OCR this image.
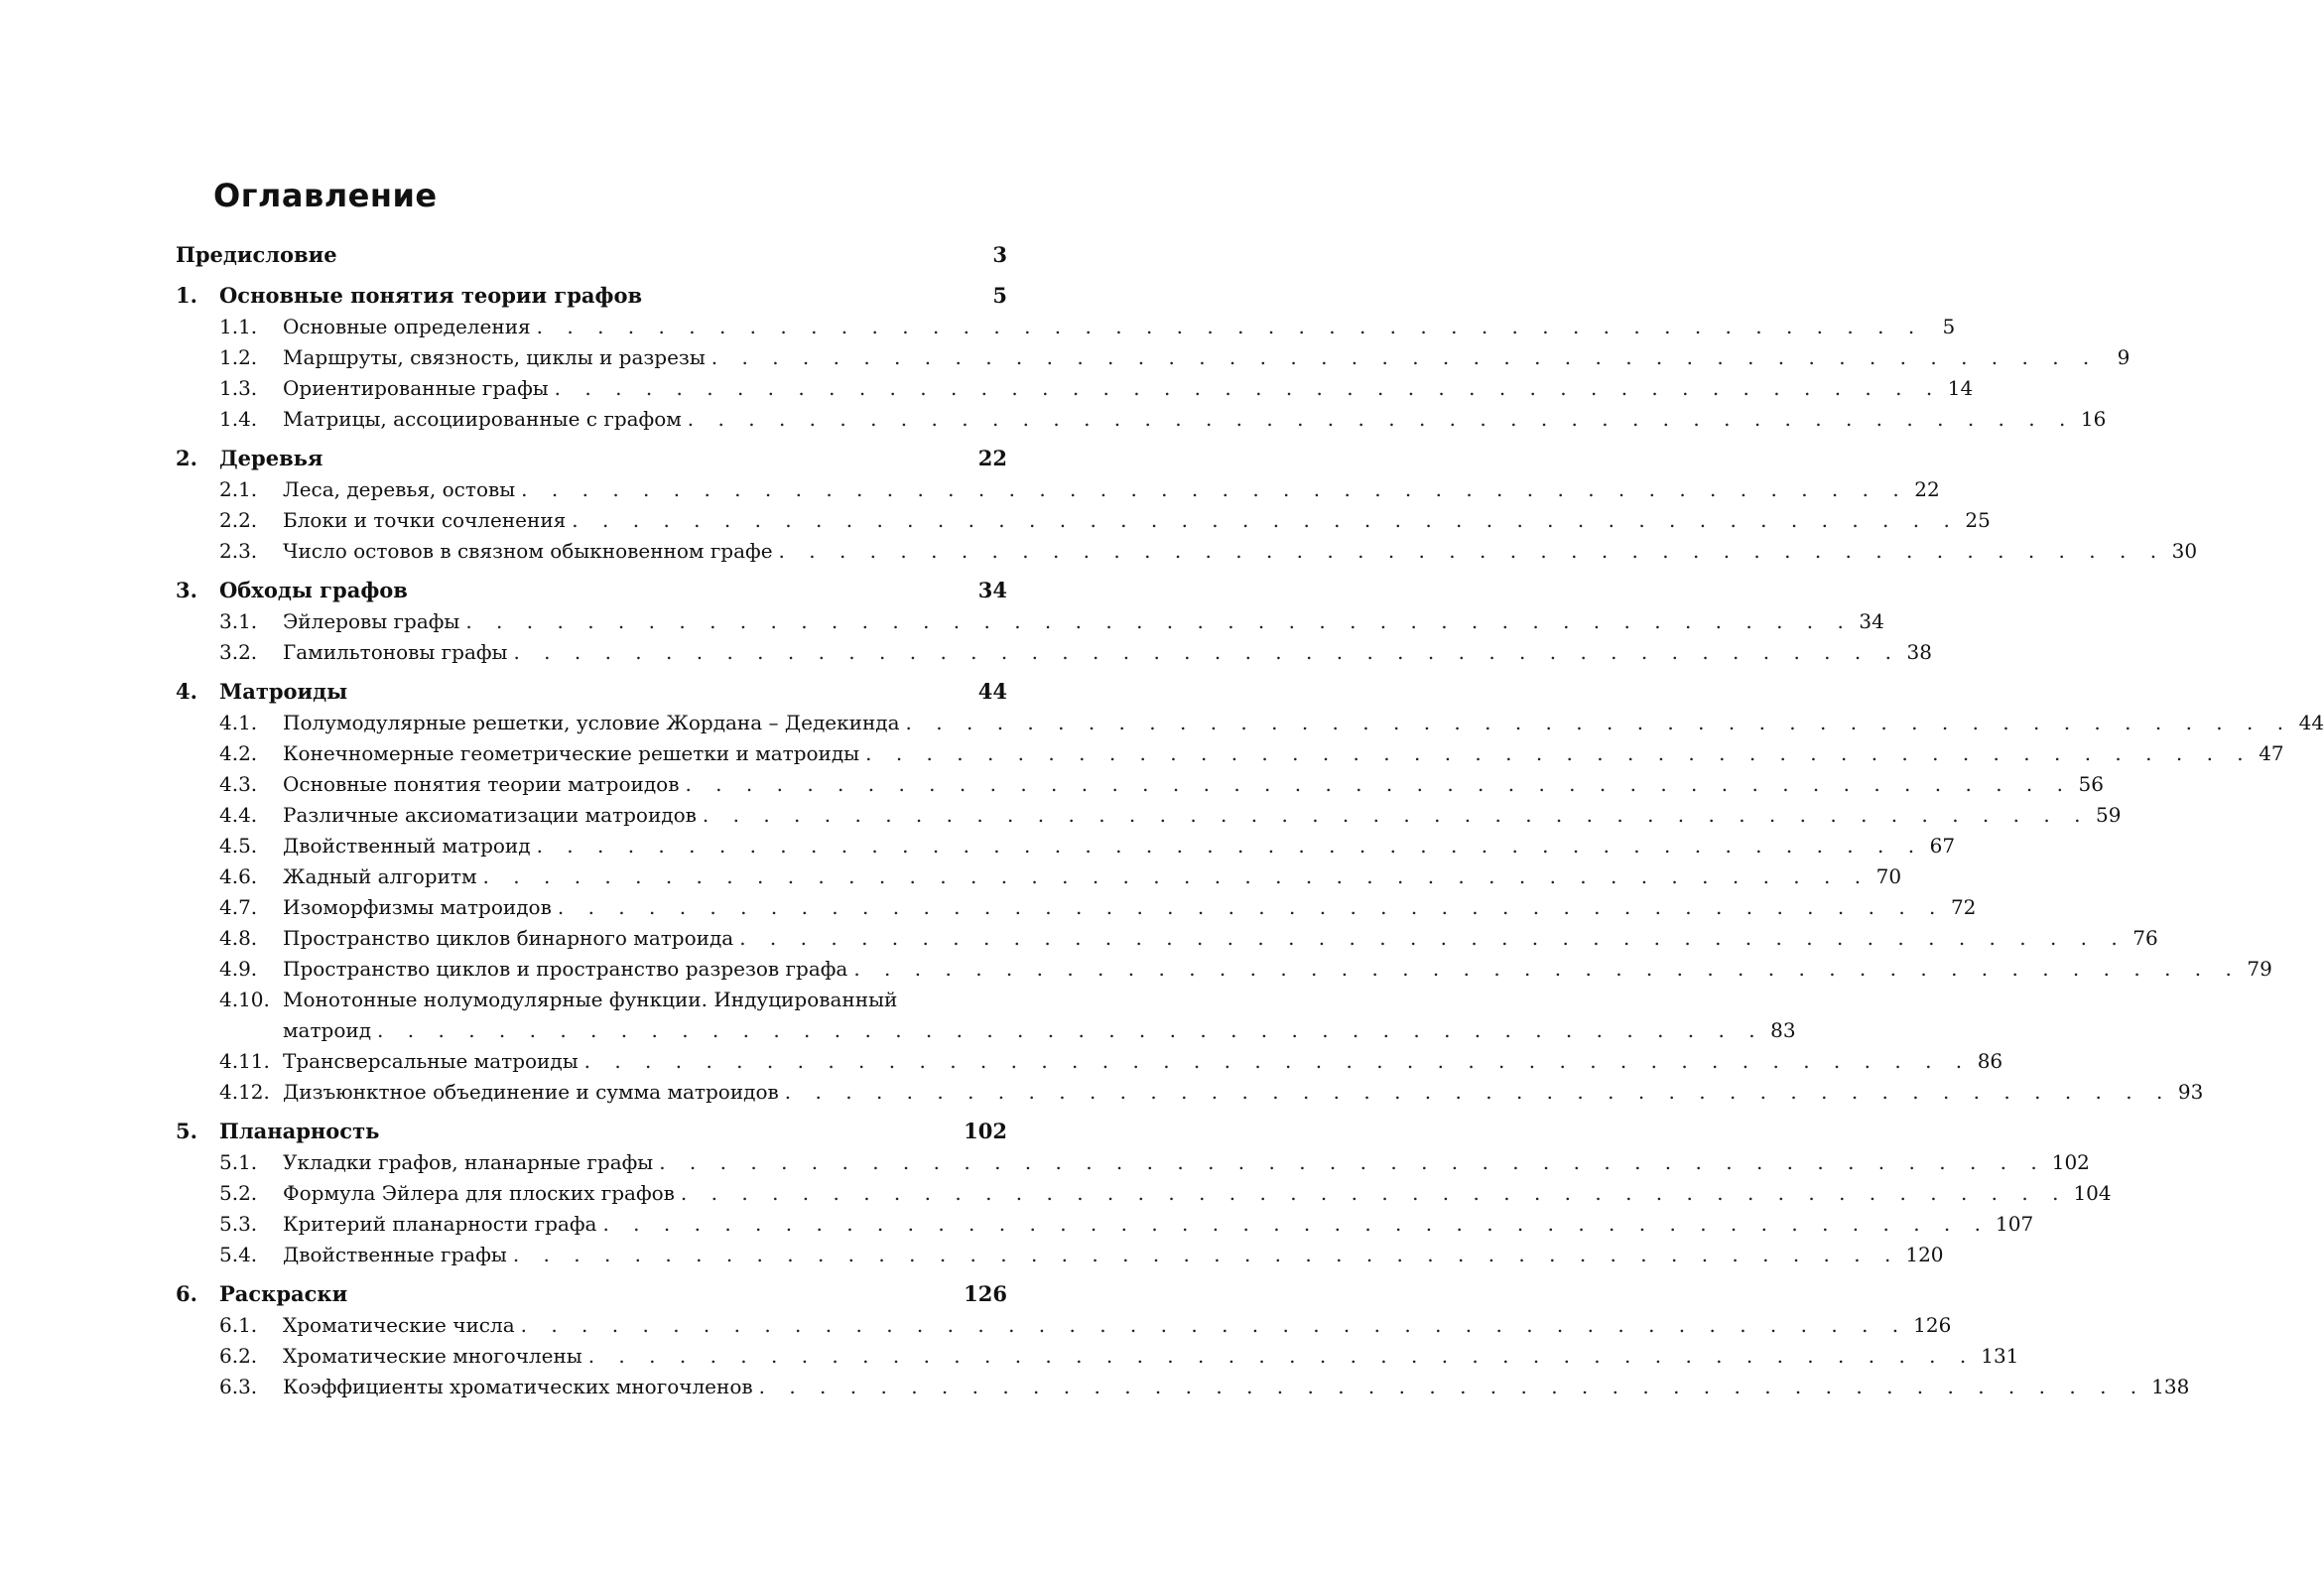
Оглавление
Предисловие	3
1.	Основные понятия теории графов	5
1.1.	Основные определения . . . . . . . . . . . . . . . . . . . . . . . . . . . . . . . . . . . . . . . . . . . . . . 5
1.2.	Маршруты, связность, циклы и разрезы . . . . . . . . . . . . . . . . . . . . . . . . . . . . . . . . . . . . . . . . . . . . . . 9
1.3.	Ориентированные графы . . . . . . . . . . . . . . . . . . . . . . . . . . . . . . . . . . . . . . . . . . . . . . 14
1.4.	Матрицы, ассоциированные с графом . . . . . . . . . . . . . . . . . . . . . . . . . . . . . . . . . . . . . . . . . . . . . . 16
2.	Деревья	22
2.1.	Леса, деревья, остовы . . . . . . . . . . . . . . . . . . . . . . . . . . . . . . . . . . . . . . . . . . . . . . 22
2.2.	Блоки и точки сочленения . . . . . . . . . . . . . . . . . . . . . . . . . . . . . . . . . . . . . . . . . . . . . . 25
2.3.	Число остовов в связном обыкновенном графе . . . . . . . . . . . . . . . . . . . . . . . . . . . . . . . . . . . . . . . . . . . . . . 30
3.	Обходы графов	34
3.1.	Эйлеровы графы . . . . . . . . . . . . . . . . . . . . . . . . . . . . . . . . . . . . . . . . . . . . . . 34
3.2.	Гамильтоновы графы . . . . . . . . . . . . . . . . . . . . . . . . . . . . . . . . . . . . . . . . . . . . . . 38
4.	Матроиды	44
4.1.	Полумодулярные решетки, условие Жордана – Дедекинда . . . . . . . . . . . . . . . . . . . . . . . . . . . . . . . . . . . . . . . . . . . . . . 44
4.2.	Конечномерные геометрические решетки и матроиды . . . . . . . . . . . . . . . . . . . . . . . . . . . . . . . . . . . . . . . . . . . . . . 47
4.3.	Основные понятия теории матроидов . . . . . . . . . . . . . . . . . . . . . . . . . . . . . . . . . . . . . . . . . . . . . . 56
4.4.	Различные аксиоматизации матроидов . . . . . . . . . . . . . . . . . . . . . . . . . . . . . . . . . . . . . . . . . . . . . . 59
4.5.	Двойственный матроид . . . . . . . . . . . . . . . . . . . . . . . . . . . . . . . . . . . . . . . . . . . . . . 67
4.6.	Жадный алгоритм . . . . . . . . . . . . . . . . . . . . . . . . . . . . . . . . . . . . . . . . . . . . . . 70
4.7.	Изоморфизмы матроидов . . . . . . . . . . . . . . . . . . . . . . . . . . . . . . . . . . . . . . . . . . . . . . 72
4.8.	Пространство циклов бинарного матроида . . . . . . . . . . . . . . . . . . . . . . . . . . . . . . . . . . . . . . . . . . . . . . 76
4.9.	Пространство циклов и пространство разрезов графа . . . . . . . . . . . . . . . . . . . . . . . . . . . . . . . . . . . . . . . . . . . . . . 79
4.10. Монотонные нолумодулярные функции. Индуцированный
матроид . . . . . . . . . . . . . . . . . . . . . . . . . . . . . . . . . . . . . . . . . . . . . . 83
4.11. Трансверсальные матроиды . . . . . . . . . . . . . . . . . . . . . . . . . . . . . . . . . . . . . . . . . . . . . . 86
4.12. Дизъюнктное объединение и сумма матроидов . . . . . . . . . . . . . . . . . . . . . . . . . . . . . . . . . . . . . . . . . . . . . . 93
5.	Планарность	102
5.1.	Укладки графов, нланарные графы . . . . . . . . . . . . . . . . . . . . . . . . . . . . . . . . . . . . . . . . . . . . . . 102
5.2.	Формула Эйлера для плоских графов . . . . . . . . . . . . . . . . . . . . . . . . . . . . . . . . . . . . . . . . . . . . . . 104
5.3.	Критерий планарности графа . . . . . . . . . . . . . . . . . . . . . . . . . . . . . . . . . . . . . . . . . . . . . . 107
5.4.	Двойственные графы . . . . . . . . . . . . . . . . . . . . . . . . . . . . . . . . . . . . . . . . . . . . . . 120
6.	Раскраски	126
6.1.	Хроматические числа . . . . . . . . . . . . . . . . . . . . . . . . . . . . . . . . . . . . . . . . . . . . . . 126
6.2.	Хроматические многочлены . . . . . . . . . . . . . . . . . . . . . . . . . . . . . . . . . . . . . . . . . . . . . . 131
6.3.	Коэффициенты хроматических многочленов . . . . . . . . . . . . . . . . . . . . . . . . . . . . . . . . . . . . . . . . . . . . . . 138
